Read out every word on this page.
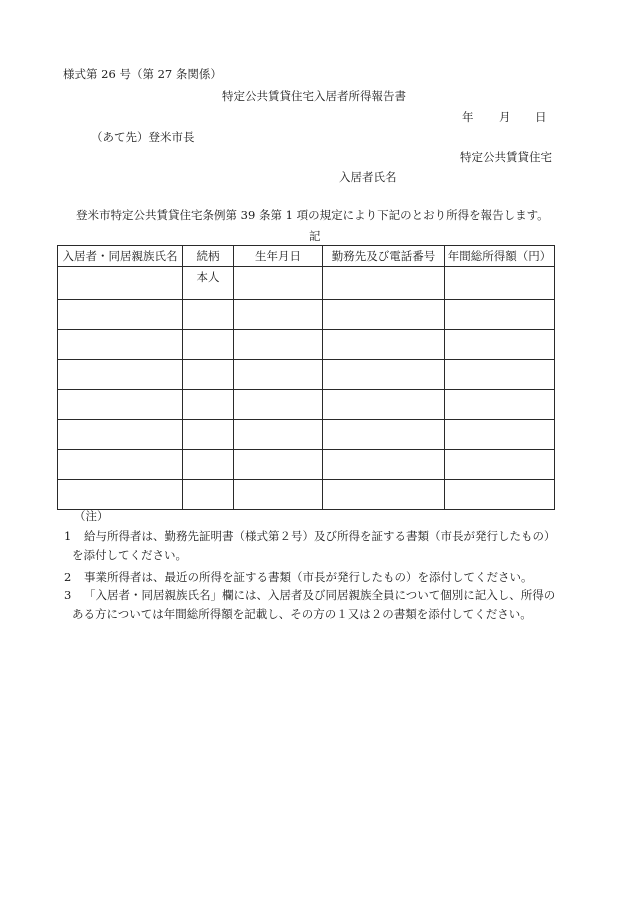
様式第 26 号（第 27 条関係）
特定公共賃貸住宅入居者所得報告書
年 月 日
（あて先）登米市長
特定公共賃貸住宅
入居者氏名
登米市特定公共賃貸住宅条例第 39 条第 1 項の規定により下記のとおり所得を報告します。
記
入居者・同居親族氏名	続柄	生年月日	勤務先及び電話番号	年間総所得額（円）
	本人			

（注）
1 給与所得者は、勤務先証明書（様式第２号）及び所得を証する書類（市長が発行したもの）
を添付してください。
2 事業所得者は、最近の所得を証する書類（市長が発行したもの）を添付してください。
3 「入居者・同居親族氏名」欄には、入居者及び同居親族全員について個別に記入し、所得の
ある方については年間総所得額を記載し、その方の１又は２の書類を添付してください。
